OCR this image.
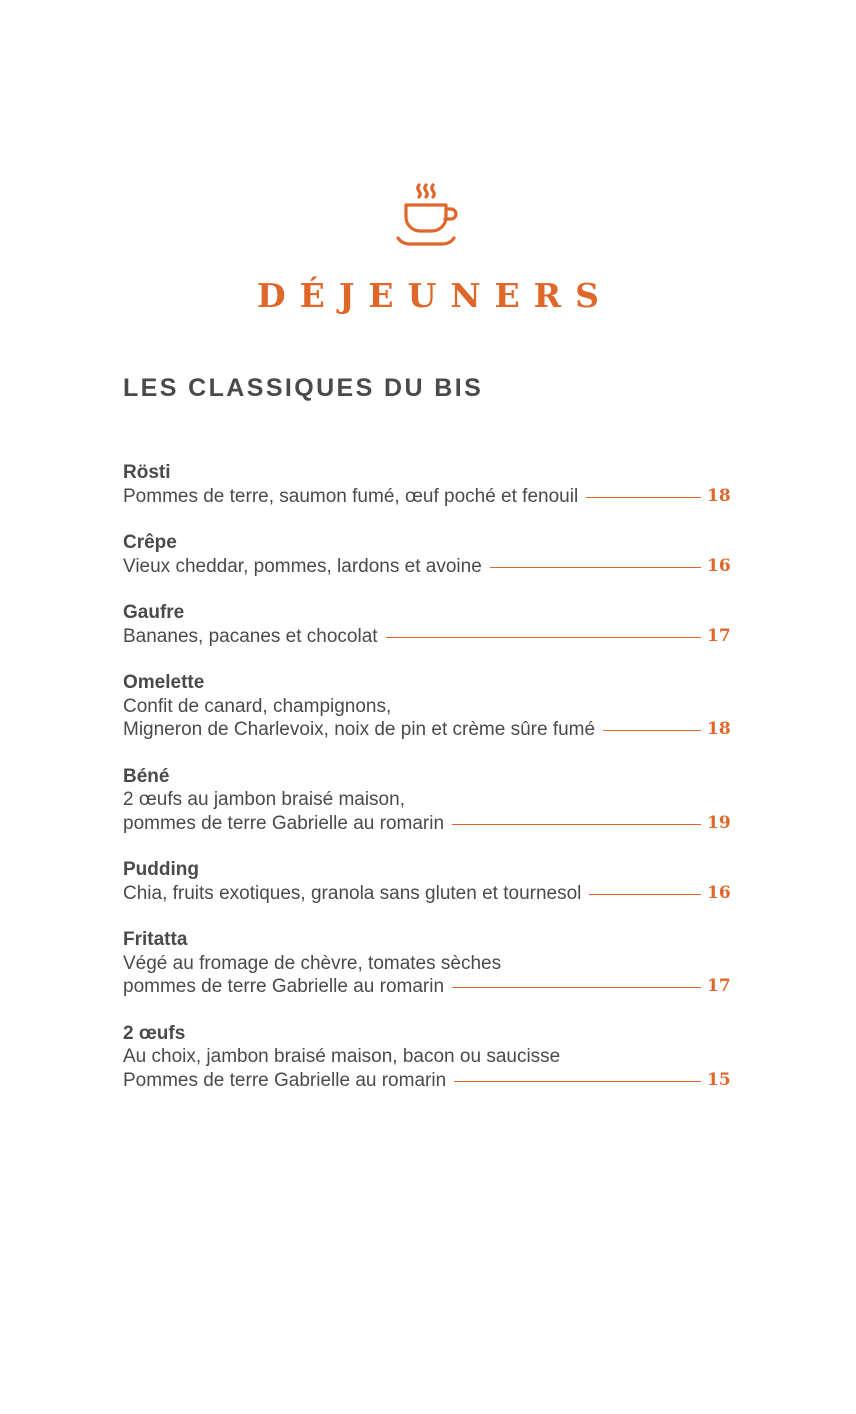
DÉJEUNERS
LES CLASSIQUES DU BIS
Rösti
Pommes de terre, saumon fumé, œuf poché et fenouil	18
Crêpe
Vieux cheddar, pommes, lardons et avoine	16
Gaufre
Bananes, pacanes et chocolat	17
Omelette
Confit de canard, champignons,
Migneron de Charlevoix, noix de pin et crème sûre fumé	18
Béné
2 œufs au jambon braisé maison,
pommes de terre Gabrielle au romarin	19
Pudding
Chia, fruits exotiques, granola sans gluten et tournesol	16
Fritatta
Végé au fromage de chèvre, tomates sèches
pommes de terre Gabrielle au romarin	17
2 œufs
Au choix, jambon braisé maison, bacon ou saucisse
Pommes de terre Gabrielle au romarin	15
